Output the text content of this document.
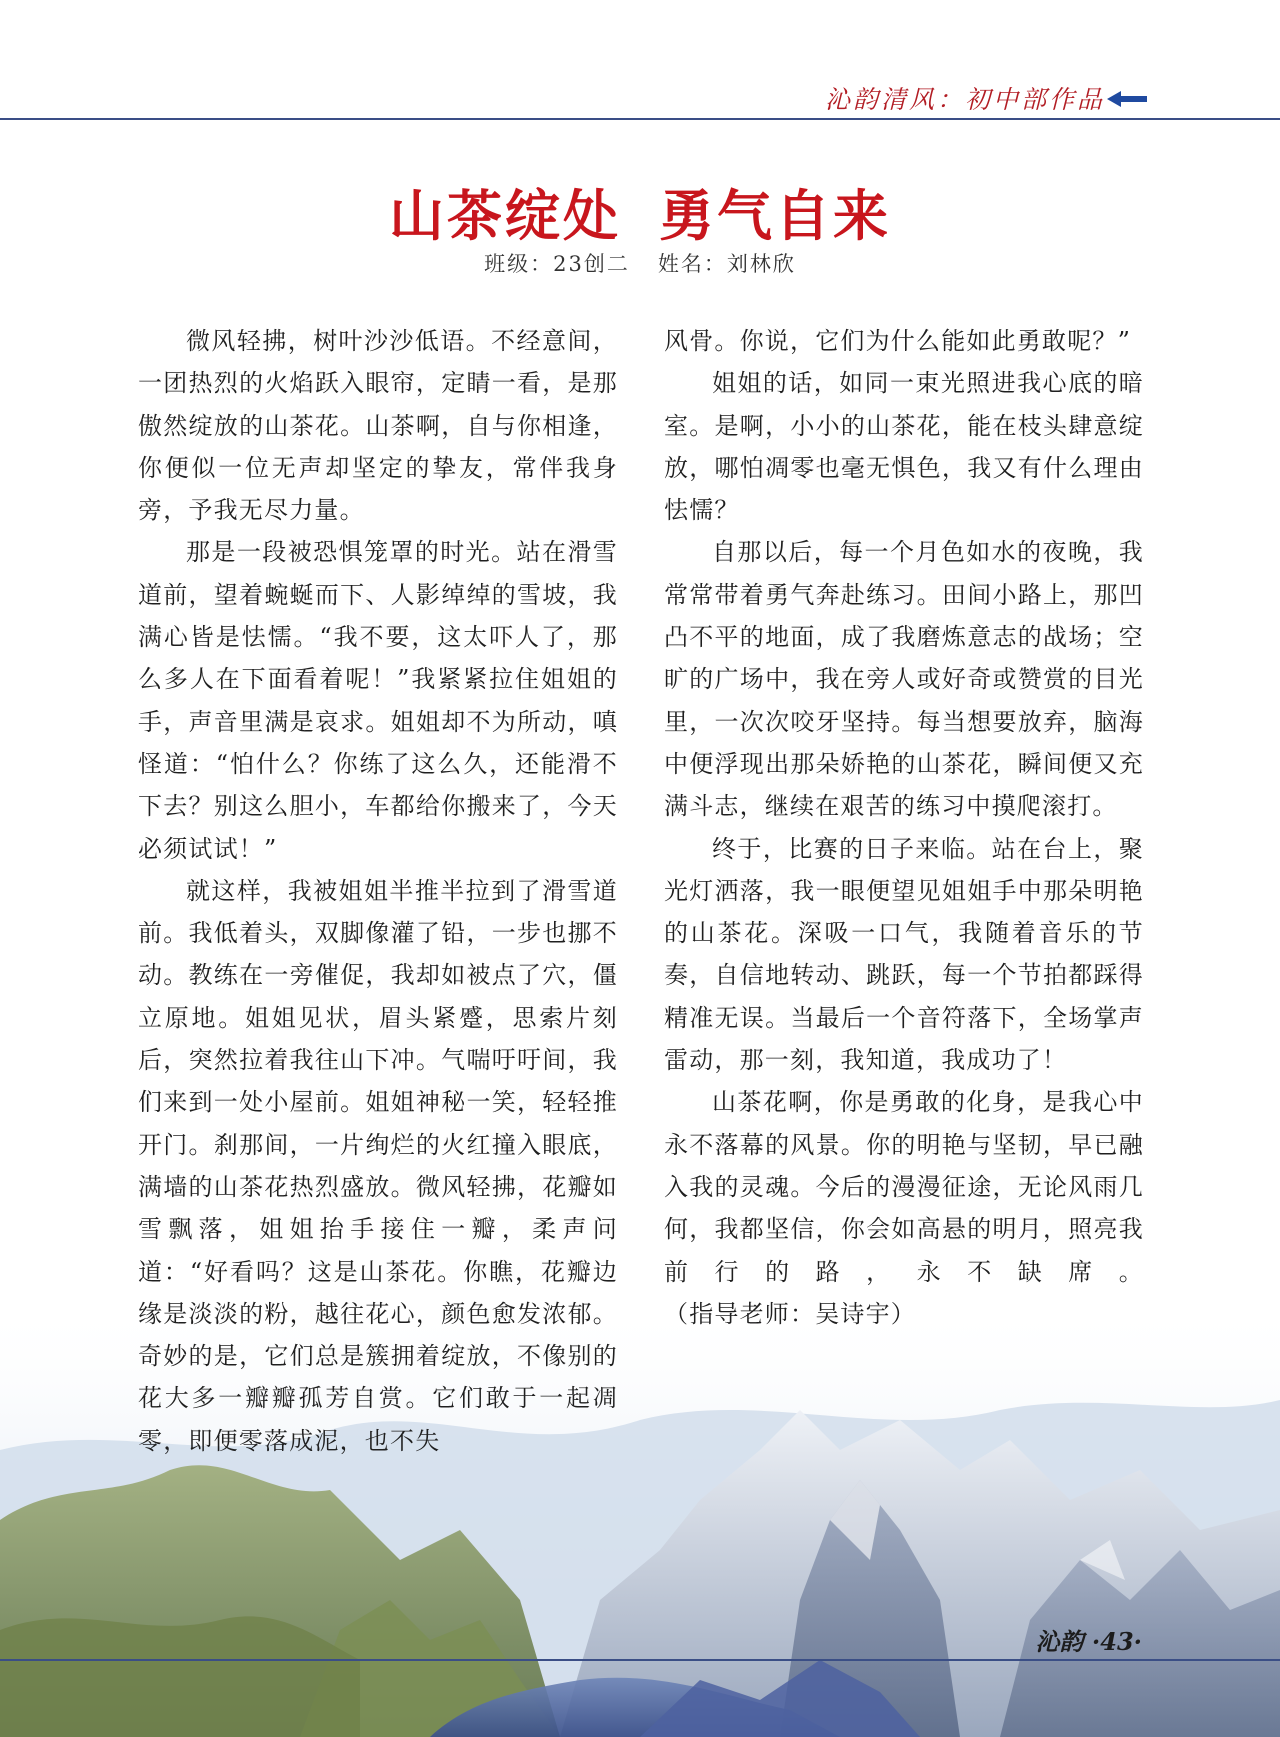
沁韵清风：初中部作品
山茶绽处 勇气自来
班级：23创二 姓名：刘林欣

微风轻拂，树叶沙沙低语。不经意间，一团热烈的火焰跃入眼帘，定睛一看，是那傲然绽放的山茶花。山茶啊，自与你相逢，你便似一位无声却坚定的挚友，常伴我身旁，予我无尽力量。

那是一段被恐惧笼罩的时光。站在滑雪道前，望着蜿蜒而下、人影绰绰的雪坡，我满心皆是怯懦。“我不要，这太吓人了，那么多人在下面看着呢！”我紧紧拉住姐姐的手，声音里满是哀求。姐姐却不为所动，嗔怪道：“怕什么？你练了这么久，还能滑不下去？别这么胆小，车都给你搬来了，今天必须试试！”

就这样，我被姐姐半推半拉到了滑雪道前。我低着头，双脚像灌了铅，一步也挪不动。教练在一旁催促，我却如被点了穴，僵立原地。姐姐见状，眉头紧蹙，思索片刻后，突然拉着我往山下冲。气喘吁吁间，我们来到一处小屋前。姐姐神秘一笑，轻轻推开门。刹那间，一片绚烂的火红撞入眼底，满墙的山茶花热烈盛放。微风轻拂，花瓣如雪飘落，姐姐抬手接住一瓣，柔声问道：“好看吗？这是山茶花。你瞧，花瓣边缘是淡淡的粉，越往花心，颜色愈发浓郁。奇妙的是，它们总是簇拥着绽放，不像别的花大多一瓣瓣孤芳自赏。它们敢于一起凋零，即便零落成泥，也不失

风骨。你说，它们为什么能如此勇敢呢？”

姐姐的话，如同一束光照进我心底的暗室。是啊，小小的山茶花，能在枝头肆意绽放，哪怕凋零也毫无惧色，我又有什么理由怯懦？

自那以后，每一个月色如水的夜晚，我常常带着勇气奔赴练习。田间小路上，那凹凸不平的地面，成了我磨炼意志的战场；空旷的广场中，我在旁人或好奇或赞赏的目光里，一次次咬牙坚持。每当想要放弃，脑海中便浮现出那朵娇艳的山茶花，瞬间便又充满斗志，继续在艰苦的练习中摸爬滚打。

终于，比赛的日子来临。站在台上，聚光灯洒落，我一眼便望见姐姐手中那朵明艳的山茶花。深吸一口气，我随着音乐的节奏，自信地转动、跳跃，每一个节拍都踩得精准无误。当最后一个音符落下，全场掌声雷动，那一刻，我知道，我成功了！

山茶花啊，你是勇敢的化身，是我心中永不落幕的风景。你的明艳与坚韧，早已融入我的灵魂。今后的漫漫征途，无论风雨几何，我都坚信，你会如高悬的明月，照亮我前行的路，永不缺席。（指导老师：吴诗宇）

沁韵 ·43·
